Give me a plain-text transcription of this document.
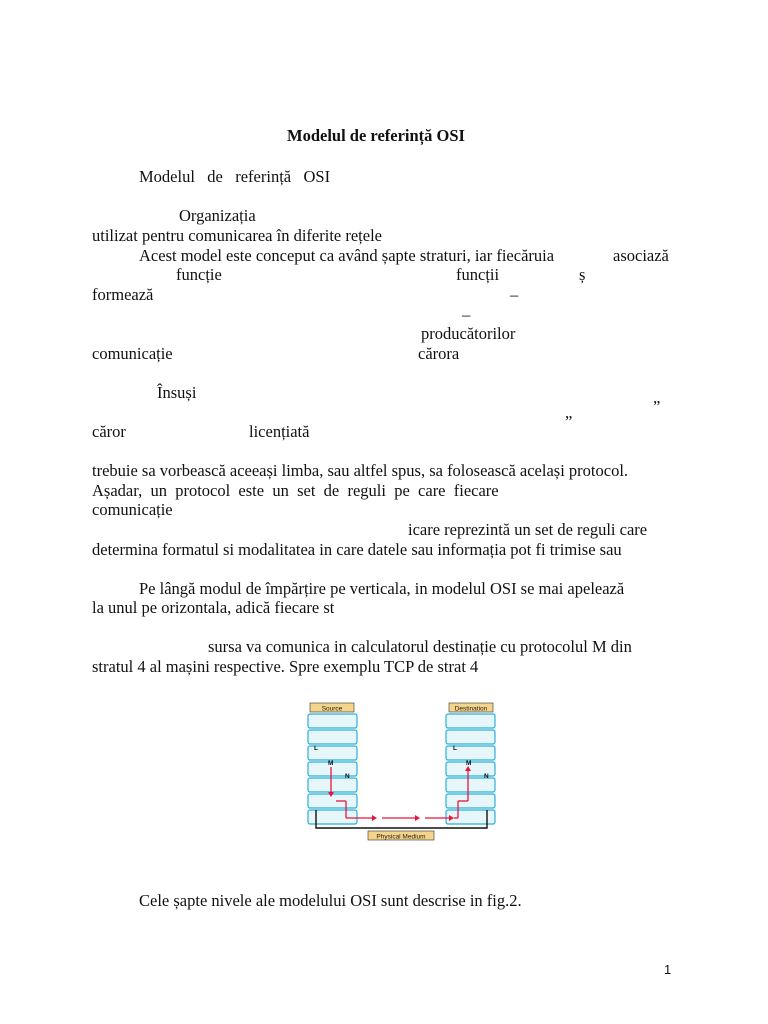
Modelul de referință OSI
Modelul   de   referință   OSI
Organizația
utilizat pentru comunicarea în diferite rețele
Acest model este conceput ca având șapte straturi, iar fiecăruia	asociază
funcție	funcții	ș
formează	–
–
producătorilor
comunicație	cărora
Însuși
„	”
căror	licențiată
trebuie sa vorbească aceeași limba, sau altfel spus, sa folosească același protocol.
Așadar,  un  protocol  este  un  set  de  reguli  pe  care  fiecare
comunicație
icare reprezintă un set de reguli care
determina formatul si modalitatea in care datele sau informația pot fi trimise sau
Pe lângă modul de împărțire pe verticala, in modelul OSI se mai apelează
la unul pe orizontala, adică fiecare st
sursa va comunica in calculatorul destinație cu protocolul M din
stratul 4 al mașini respective. Spre exemplu TCP de strat 4
Source	Destination
L
M
N
L
M
N
Physical Medium
Cele șapte nivele ale modelului OSI sunt descrise in fig.2.
1
